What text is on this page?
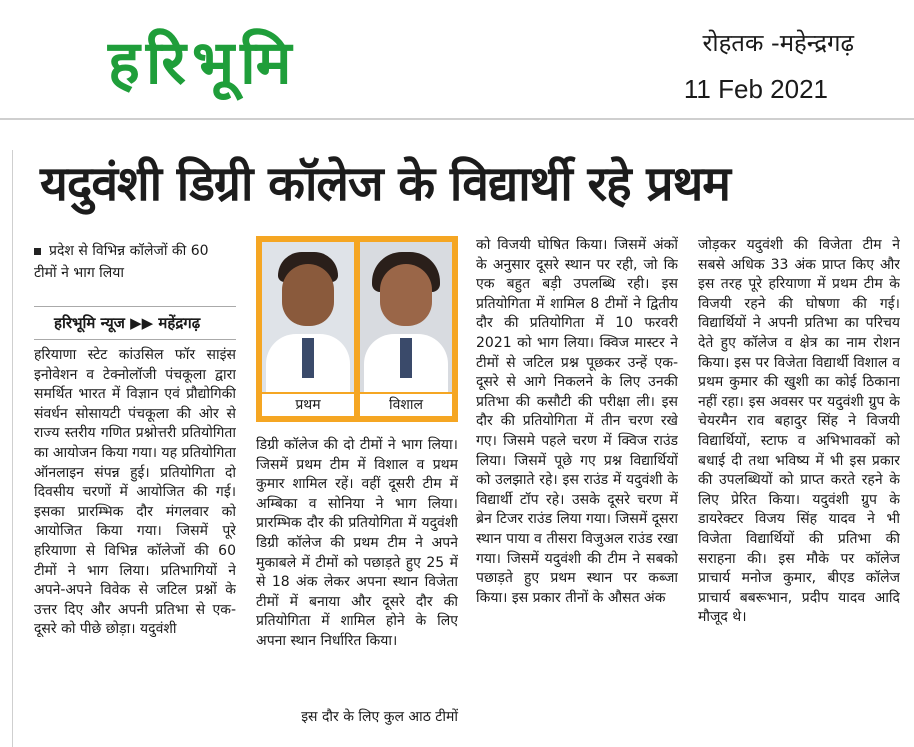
हरिभूमि	रोहतक -महेन्द्रगढ़
11 Feb 2021
यदुवंशी डिग्री कॉलेज के विद्यार्थी रहे प्रथम
प्रदेश से विभिन्न कॉलेजों की 60 टीमों ने भाग लिया
हरिभूमि न्यूज ▶▶ महेंद्रगढ़

हरियाणा स्टेट कांउसिल फॉर साइंस इनोवेशन व टेक्नोलॉजी पंचकूला द्वारा समर्थित भारत में विज्ञान एवं प्रौद्योगिकी संवर्धन सोसायटी पंचकूला की ओर से राज्य स्तरीय गणित प्रश्नोत्तरी प्रतियोगिता का आयोजन किया गया। यह प्रतियोगिता ऑनलाइन संपन्न हुई। प्रतियोगिता दो दिवसीय चरणों में आयोजित की गई। इसका प्रारम्भिक दौर मंगलवार को आयोजित किया गया। जिसमें पूरे हरियाणा से विभिन्न कॉलेजों की 60 टीमों ने भाग लिया। प्रतिभागियों ने अपने-अपने विवेक से जटिल प्रश्नों के उत्तर दिए और अपनी प्रतिभा से एक-दूसरे को पीछे छोड़ा। यदुवंशी

प्रथम	विशाल

डिग्री कॉलेज की दो टीमों ने भाग लिया। जिसमें प्रथम टीम में विशाल व प्रथम कुमार शामिल रहें। वहीं दूसरी टीम में अम्बिका व सोनिया ने भाग लिया। प्रारम्भिक दौर की प्रतियोगिता में यदुवंशी डिग्री कॉलेज की प्रथम टीम ने अपने मुकाबले में टीमों को पछाड़ते हुए 25 में से 18 अंक लेकर अपना स्थान विजेता टीमों में बनाया और दूसरे दौर की प्रतियोगिता में शामिल होने के लिए अपना स्थान निर्धारित किया।

इस दौर के लिए कुल आठ टीमों

को विजयी घोषित किया। जिसमें अंकों के अनुसार दूसरे स्थान पर रही, जो कि एक बहुत बड़ी उपलब्धि रही। इस प्रतियोगिता में शामिल 8 टीमों ने द्वितीय दौर की प्रतियोगिता में 10 फरवरी 2021 को भाग लिया। क्विज मास्टर ने टीमों से जटिल प्रश्न पूछकर उन्हें एक-दूसरे से आगे निकलने के लिए उनकी प्रतिभा की कसौटी की परीक्षा ली। इस दौर की प्रतियोगिता में तीन चरण रखे गए। जिसमे पहले चरण में क्विज राउंड लिया। जिसमें पूछे गए प्रश्न विद्यार्थियों को उलझाते रहे। इस राउंड में यदुवंशी के विद्यार्थी टॉप रहे। उसके दूसरे चरण में ब्रेन टिजर राउंड लिया गया। जिसमें दूसरा स्थान पाया व तीसरा विजुअल राउंड रखा गया। जिसमें यदुवंशी की टीम ने सबको पछाड़ते हुए प्रथम स्थान पर कब्जा किया। इस प्रकार तीनों के औसत अंक

जोड़कर यदुवंशी की विजेता टीम ने सबसे अधिक 33 अंक प्राप्त किए और इस तरह पूरे हरियाणा में प्रथम टीम के विजयी रहने की घोषणा की गई। विद्यार्थियों ने अपनी प्रतिभा का परिचय देते हुए कॉलेज व क्षेत्र का नाम रोशन किया। इस पर विजेता विद्यार्थी विशाल व प्रथम कुमार की खुशी का कोई ठिकाना नहीं रहा। इस अवसर पर यदुवंशी ग्रुप के चेयरमैन राव बहादुर सिंह ने विजयी विद्यार्थियों, स्टाफ व अभिभावकों को बधाई दी तथा भविष्य में भी इस प्रकार की उपलब्धियों को प्राप्त करते रहने के लिए प्रेरित किया। यदुवंशी ग्रुप के डायरेक्टर विजय सिंह यादव ने भी विजेता विद्यार्थियों की प्रतिभा की सराहना की। इस मौके पर कॉलेज प्राचार्य मनोज कुमार, बीएड कॉलेज प्राचार्य बबरूभान, प्रदीप यादव आदि मौजूद थे।
